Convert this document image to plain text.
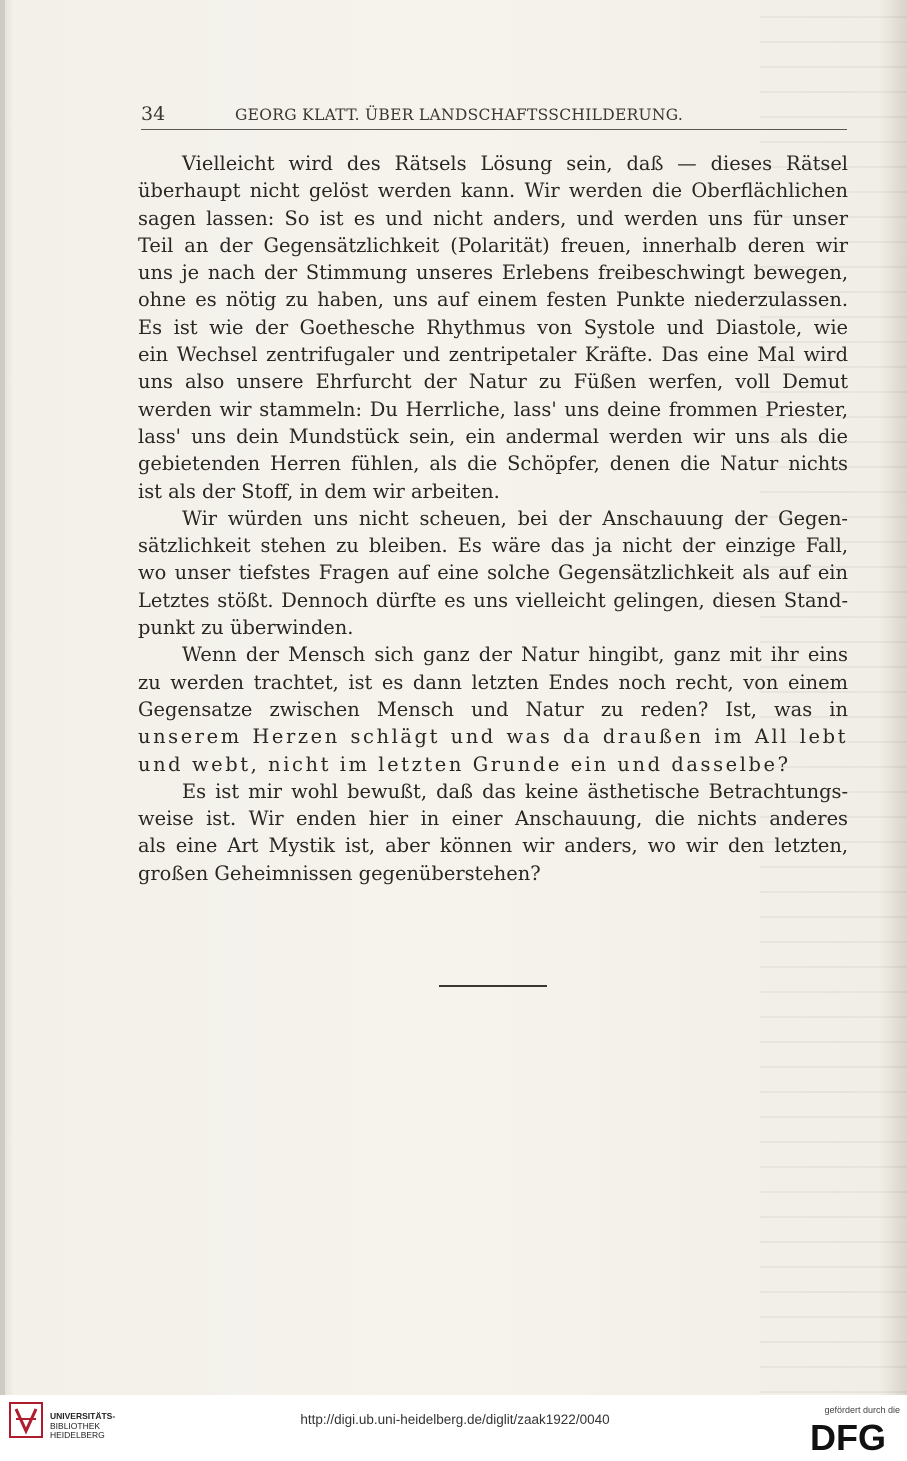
34	GEORG KLATT. ÜBER LANDSCHAFTSSCHILDERUNG.
Vielleicht wird des Rätsels Lösung sein, daß — dieses Rätsel
überhaupt nicht gelöst werden kann. Wir werden die Oberflächlichen
sagen lassen: So ist es und nicht anders, und werden uns für unser
Teil an der Gegensätzlichkeit (Polarität) freuen, innerhalb deren wir
uns je nach der Stimmung unseres Erlebens freibeschwingt bewegen,
ohne es nötig zu haben, uns auf einem festen Punkte niederzulassen.
Es ist wie der Goethesche Rhythmus von Systole und Diastole, wie
ein Wechsel zentrifugaler und zentripetaler Kräfte. Das eine Mal wird
uns also unsere Ehrfurcht der Natur zu Füßen werfen, voll Demut
werden wir stammeln: Du Herrliche, lass' uns deine frommen Priester,
lass' uns dein Mundstück sein, ein andermal werden wir uns als die
gebietenden Herren fühlen, als die Schöpfer, denen die Natur nichts
ist als der Stoff, in dem wir arbeiten.
Wir würden uns nicht scheuen, bei der Anschauung der Gegen-
sätzlichkeit stehen zu bleiben. Es wäre das ja nicht der einzige Fall,
wo unser tiefstes Fragen auf eine solche Gegensätzlichkeit als auf ein
Letztes stößt. Dennoch dürfte es uns vielleicht gelingen, diesen Stand-
punkt zu überwinden.
Wenn der Mensch sich ganz der Natur hingibt, ganz mit ihr eins
zu werden trachtet, ist es dann letzten Endes noch recht, von einem
Gegensatze zwischen Mensch und Natur zu reden? Ist, was in
unserem Herzen schlägt und was da draußen im All lebt
und webt, nicht im letzten Grunde ein und dasselbe?
Es ist mir wohl bewußt, daß das keine ästhetische Betrachtungs-
weise ist. Wir enden hier in einer Anschauung, die nichts anderes
als eine Art Mystik ist, aber können wir anders, wo wir den letzten,
großen Geheimnissen gegenüberstehen?
UNIVERSITÄTS-
BIBLIOTHEK
HEIDELBERG
http://digi.ub.uni-heidelberg.de/diglit/zaak1922/0040
gefördert durch die
DFG
